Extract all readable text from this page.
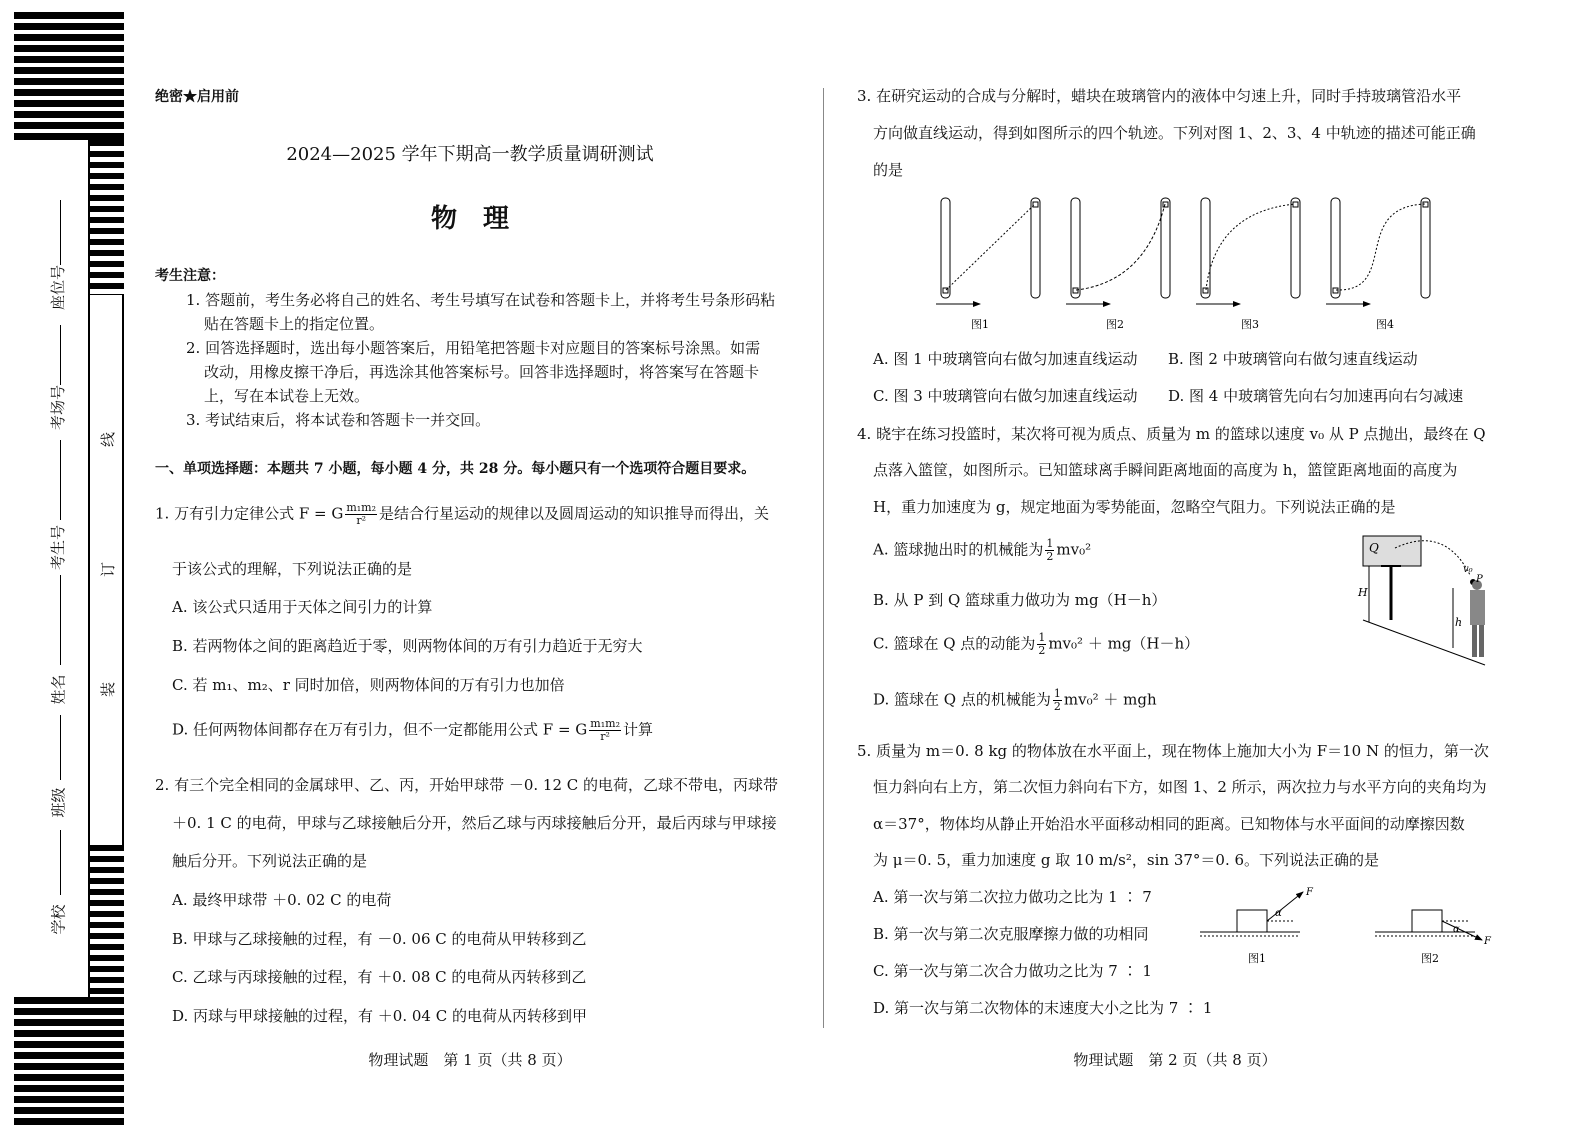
座位号
考场号
考生号
姓名
班级
学校
线
订
装
绝密★启用前
2024—2025 学年下期高一教学质量调研测试
物　理
考生注意：
1. 答题前，考生务必将自己的姓名、考生号填写在试卷和答题卡上，并将考生号条形码粘
贴在答题卡上的指定位置。
2. 回答选择题时，选出每小题答案后，用铅笔把答题卡对应题目的答案标号涂黑。如需
改动，用橡皮擦干净后，再选涂其他答案标号。回答非选择题时，将答案写在答题卡
上，写在本试卷上无效。
3. 考试结束后，将本试卷和答题卡一并交回。
一、单项选择题：本题共 7 小题，每小题 4 分，共 28 分。每小题只有一个选项符合题目要求。
1. 万有引力定律公式 F = G $\frac{\text{m₁m₂}}{\text{r²}}$ 是结合行星运动的规律以及圆周运动的知识推导而得出，关
于该公式的理解，下列说法正确的是
A. 该公式只适用于天体之间引力的计算
B. 若两物体之间的距离趋近于零，则两物体间的万有引力趋近于无穷大
C. 若 m₁、m₂、r 同时加倍，则两物体间的万有引力也加倍
D. 任何两物体间都存在万有引力，但不一定都能用公式 F = G $\frac{\text{m₁m₂}}{\text{r²}}$ 计算
2. 有三个完全相同的金属球甲、乙、丙，开始甲球带 －0. 12 C 的电荷，乙球不带电，丙球带
＋0. 1 C 的电荷，甲球与乙球接触后分开，然后乙球与丙球接触后分开，最后丙球与甲球接
触后分开。下列说法正确的是
A. 最终甲球带 ＋0. 02 C 的电荷
B. 甲球与乙球接触的过程，有 －0. 06 C 的电荷从甲转移到乙
C. 乙球与丙球接触的过程，有 ＋0. 08 C 的电荷从丙转移到乙
D. 丙球与甲球接触的过程，有 ＋0. 04 C 的电荷从丙转移到甲
物理试题　第 1 页（共 8 页）
3. 在研究运动的合成与分解时，蜡块在玻璃管内的液体中匀速上升，同时手持玻璃管沿水平
方向做直线运动，得到如图所示的四个轨迹。下列对图 1、2、3、4 中轨迹的描述可能正确
的是
图1	图2	图3	图4
A. 图 1 中玻璃管向右做匀加速直线运动 B. 图 2 中玻璃管向右做匀速直线运动
C. 图 3 中玻璃管向右做匀加速直线运动 D. 图 4 中玻璃管先向右匀加速再向右匀减速
4. 晓宇在练习投篮时，某次将可视为质点、质量为 m 的篮球以速度 v₀ 从 P 点抛出，最终在 Q
点落入篮筐，如图所示。已知篮球离手瞬间距离地面的高度为 h，篮筐距离地面的高度为
H，重力加速度为 g，规定地面为零势能面，忽略空气阻力。下列说法正确的是
A. 篮球抛出时的机械能为 $\frac{1}{2} mv_0^2$
B. 从 P 到 Q 篮球重力做功为 mg（H－h）
C. 篮球在 Q 点的动能为 $\frac{1}{2} mv_0^2 + mg(H-h)$
D. 篮球在 Q 点的机械能为 $\frac{1}{2} mv_0^2$ ＋ mgh
Q
v₀
P
H
h
5. 质量为 m＝0. 8 kg 的物体放在水平面上，现在物体上施加大小为 F＝10 N 的恒力，第一次
恒力斜向右上方，第二次恒力斜向右下方，如图 1、2 所示，两次拉力与水平方向的夹角均为
α＝37°，物体均从静止开始沿水平面移动相同的距离。已知物体与水平面间的动摩擦因数
为 μ＝0. 5，重力加速度 g 取 10 m/s²，sin 37°＝0. 6。下列说法正确的是
A. 第一次与第二次拉力做功之比为 1 ∶ 7
B. 第一次与第二次克服摩擦力做的功相同
C. 第一次与第二次合力做功之比为 7 ∶ 1
D. 第一次与第二次物体的末速度大小之比为 7 ∶ 1
F
α
图1
F
α
图2
物理试题　第 2 页（共 8 页）
